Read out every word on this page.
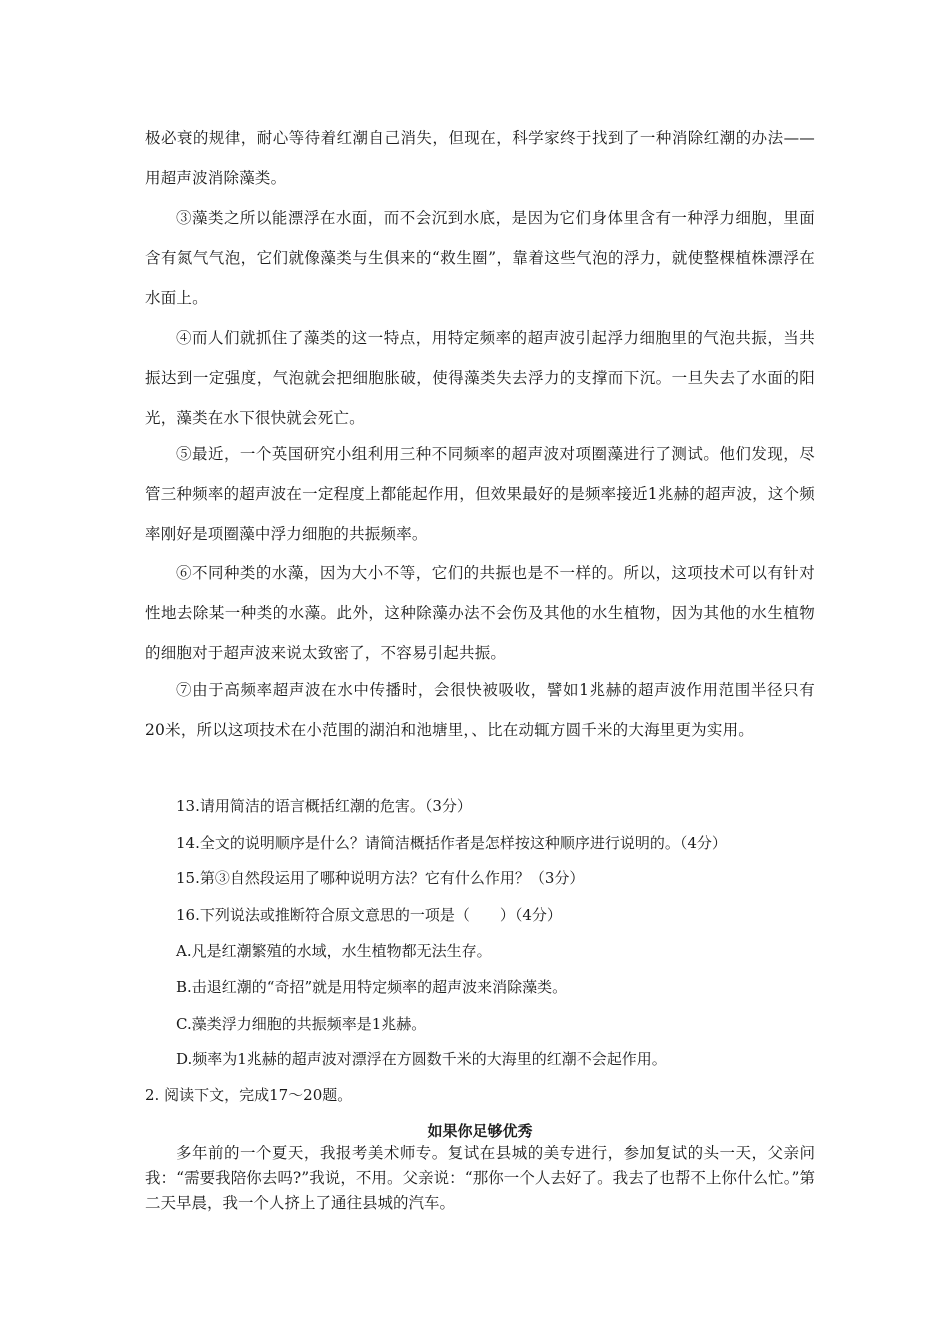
极必衰的规律，耐心等待着红潮自己消失，但现在，科学家终于找到了一种消除红潮的办法——用超声波消除藻类。

③藻类之所以能漂浮在水面，而不会沉到水底，是因为它们身体里含有一种浮力细胞，里面含有氮气气泡，它们就像藻类与生俱来的“救生圈”，靠着这些气泡的浮力，就使整棵植株漂浮在水面上。

④而人们就抓住了藻类的这一特点，用特定频率的超声波引起浮力细胞里的气泡共振，当共振达到一定强度，气泡就会把细胞胀破，使得藻类失去浮力的支撑而下沉。一旦失去了水面的阳光，藻类在水下很快就会死亡。

⑤最近，一个英国研究小组利用三种不同频率的超声波对项圈藻进行了测试。他们发现，尽管三种频率的超声波在一定程度上都能起作用，但效果最好的是频率接近1兆赫的超声波，这个频率刚好是项圈藻中浮力细胞的共振频率。

⑥不同种类的水藻，因为大小不等，它们的共振也是不一样的。所以，这项技术可以有针对性地去除某一种类的水藻。此外，这种除藻办法不会伤及其他的水生植物，因为其他的水生植物的细胞对于超声波来说太致密了，不容易引起共振。

⑦由于高频率超声波在水中传播时，会很快被吸收，譬如1兆赫的超声波作用范围半径只有20米，所以这项技术在小范围的湖泊和池塘里，、比在动辄方圆千米的大海里更为实用。

13.请用简洁的语言概括红潮的危害。（3分）

14.全文的说明顺序是什么？请简洁概括作者是怎样按这种顺序进行说明的。（4分）

15.第③自然段运用了哪种说明方法？它有什么作用？（3分）

16.下列说法或推断符合原文意思的一项是（　　）（4分）

A.凡是红潮繁殖的水域，水生植物都无法生存。

B.击退红潮的“奇招”就是用特定频率的超声波来消除藻类。

C.藻类浮力细胞的共振频率是1兆赫。

D.频率为1兆赫的超声波对漂浮在方圆数千米的大海里的红潮不会起作用。

2. 阅读下文，完成17～20题。

如果你足够优秀

多年前的一个夏天，我报考美术师专。复试在县城的美专进行，参加复试的头一天，父亲问我：“需要我陪你去吗?”我说，不用。父亲说：“那你一个人去好了。我去了也帮不上你什么忙。”第二天早晨，我一个人挤上了通往县城的汽车。
